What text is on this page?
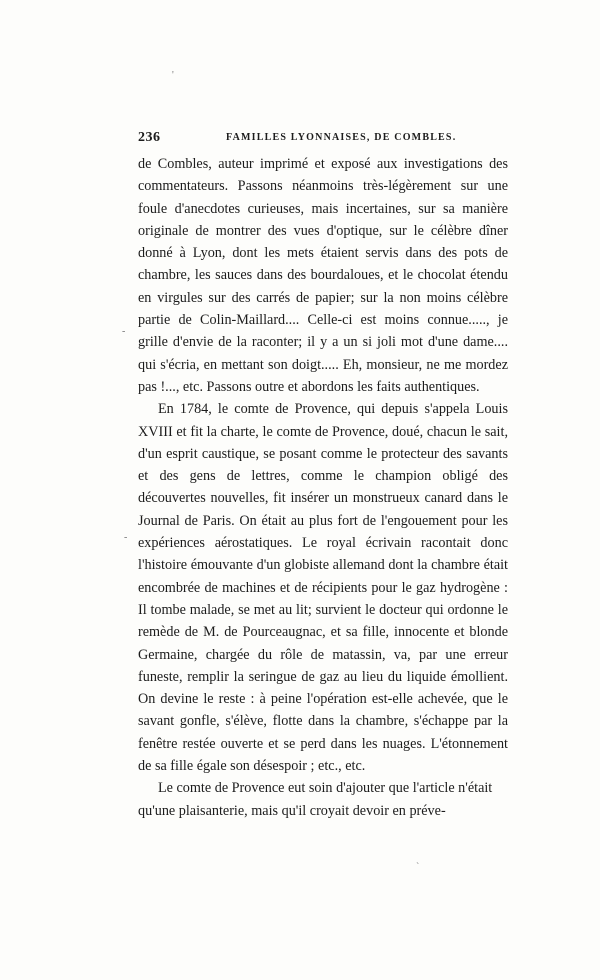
'
-
-
`
236	FAMILLES LYONNAISES, DE COMBLES.

de Combles, auteur imprimé et exposé aux investigations des commentateurs. Passons néanmoins très-légèrement sur une foule d'anecdotes curieuses, mais incertaines, sur sa manière originale de montrer des vues d'optique, sur le célèbre dîner donné à Lyon, dont les mets étaient servis dans des pots de chambre, les sauces dans des bourdaloues, et le chocolat étendu en virgules sur des carrés de papier; sur la non moins célèbre partie de Colin-Maillard.... Celle-ci est moins connue....., je grille d'envie de la raconter; il y a un si joli mot d'une dame.... qui s'écria, en mettant son doigt..... Eh, monsieur, ne me mordez pas !..., etc. Passons outre et abordons les faits authentiques.

En 1784, le comte de Provence, qui depuis s'appela Louis XVIII et fit la charte, le comte de Provence, doué, chacun le sait, d'un esprit caustique, se posant comme le protecteur des savants et des gens de lettres, comme le champion obligé des découvertes nouvelles, fit insérer un monstrueux canard dans le Journal de Paris. On était au plus fort de l'engouement pour les expériences aérostatiques. Le royal écrivain racontait donc l'histoire émouvante d'un globiste allemand dont la chambre était encombrée de machines et de récipients pour le gaz hydrogène : Il tombe malade, se met au lit; survient le docteur qui ordonne le remède de M. de Pourceaugnac, et sa fille, innocente et blonde Germaine, chargée du rôle de matassin, va, par une erreur funeste, remplir la seringue de gaz au lieu du liquide émollient. On devine le reste : à peine l'opération est-elle achevée, que le savant gonfle, s'élève, flotte dans la chambre, s'échappe par la fenêtre restée ouverte et se perd dans les nuages. L'étonnement de sa fille égale son désespoir ; etc., etc.

Le comte de Provence eut soin d'ajouter que l'article n'était qu'une plaisanterie, mais qu'il croyait devoir en préve-
